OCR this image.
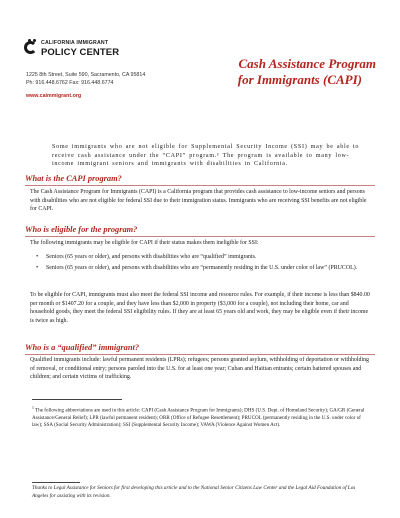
CALIFORNIA IMMIGRANT
POLICY CENTER
1225 8th Street, Suite 590, Sacramento, CA 95814
Ph: 916.448.6762 Fax: 916.448.6774
www.caimmigrant.org
Cash Assistance Program
for Immigrants (CAPI)

Some immigrants who are not eligible for Supplemental Security Income (SSI) may be able to receive cash assistance under the “CAPI” program.¹ The program is available to many low-income immigrant seniors and immigrants with disabilities in California.

What is the CAPI program?

The Cash Assistance Program for Immigrants (CAPI) is a California program that provides cash assistance to low-income seniors and persons with disabilities who are not eligible for federal SSI due to their immigration status. Immigrants who are receiving SSI benefits are not eligible for CAPI.

Who is eligible for the program?

The following immigrants may be eligible for CAPI if their status makes them ineligible for SSI:

• Seniors (65 years or older), and persons with disabilities who are “qualified” immigrants.
• Seniors (65 years or older), and persons with disabilities who are “permanently residing in the U.S. under color of law” (PRUCOL).

To be eligible for CAPI, immigrants must also meet the federal SSI income and resource rules. For example, if their income is less than $840.00 per month or $1407.20 for a couple, and they have less than $2,000 in property ($3,000 for a couple), not including their home, car and household goods, they meet the federal SSI eligibility rules. If they are at least 65 years old and work, they may be eligible even if their income is twice as high.

Who is a “qualified” immigrant?

Qualified immigrants include: lawful permanent residents (LPRs); refugees; persons granted asylum, withholding of deportation or withholding of removal, or conditional entry; persons paroled into the U.S. for at least one year; Cuban and Haitian entrants; certain battered spouses and children; and certain victims of trafficking.

$^1$ The following abbreviations are used in this article: CAPI (Cash Assistance Program for Immigrants); DHS (U.S. Dept. of Homeland Security); GA/GR (General Assistance/General Relief); LPR (lawful permanent resident); ORR (Office of Refugee Resettlement); PRUCOL (permanently residing in the U.S. under color of law); SSA (Social Security Administration); SSI (Supplemental Security Income); VAWA (Violence Against Women Act).

Thanks to Legal Assistance for Seniors for first developing this article and to the National Senior Citizens Law Center and the Legal Aid Foundation of Los Angeles for assisting with its revision.
